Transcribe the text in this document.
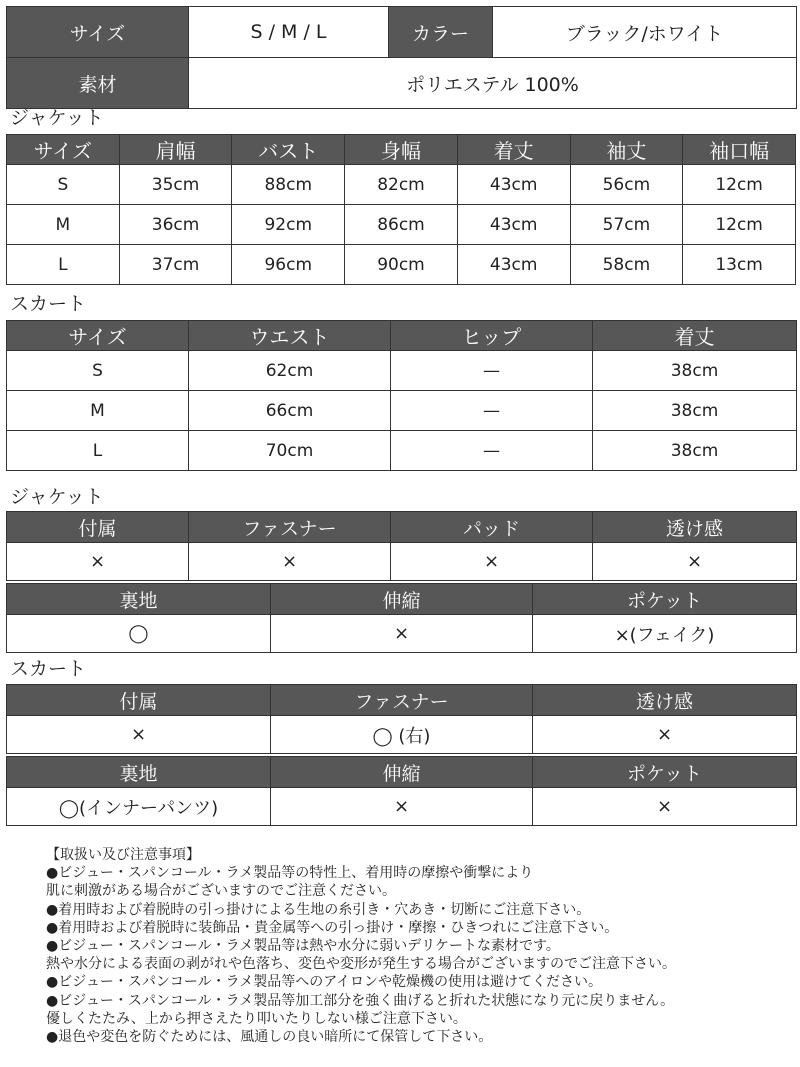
サイズ	S / M / L	カラー	ブラック/ホワイト
素材	ポリエステル 100%		
ジャケット
サイズ	肩幅	バスト	身幅	着丈	袖丈	袖口幅
S	35cm	88cm	82cm	43cm	56cm	12cm
M	36cm	92cm	86cm	43cm	57cm	12cm
L	37cm	96cm	90cm	43cm	58cm	13cm
スカート
サイズ	ウエスト	ヒップ	着丈
S	62cm	—	38cm
M	66cm	—	38cm
L	70cm	—	38cm
ジャケット
付属	ファスナー	パッド	透け感
×	×	×	×
裏地	伸縮	ポケット
◯	×	×(フェイク)
スカート
付属	ファスナー	透け感
×	◯ (右)	×
裏地	伸縮	ポケット
◯(インナーパンツ)	×	×
【取扱い及び注意事項】
●ビジュー・スパンコール・ラメ製品等の特性上、着用時の摩擦や衝撃により
肌に刺激がある場合がございますのでご注意ください。
●着用時および着脱時の引っ掛けによる生地の糸引き・穴あき・切断にご注意下さい。
●着用時および着脱時に装飾品・貴金属等への引っ掛け・摩擦・ひきつれにご注意下さい。
●ビジュー・スパンコール・ラメ製品等は熱や水分に弱いデリケートな素材です。
熱や水分による表面の剥がれや色落ち、変色や変形が発生する場合がございますのでご注意下さい。
●ビジュー・スパンコール・ラメ製品等へのアイロンや乾燥機の使用は避けてください。
●ビジュー・スパンコール・ラメ製品等加工部分を強く曲げると折れた状態になり元に戻りません。
優しくたたみ、上から押さえたり叩いたりしない様ご注意下さい。
●退色や変色を防ぐためには、風通しの良い暗所にて保管して下さい。
